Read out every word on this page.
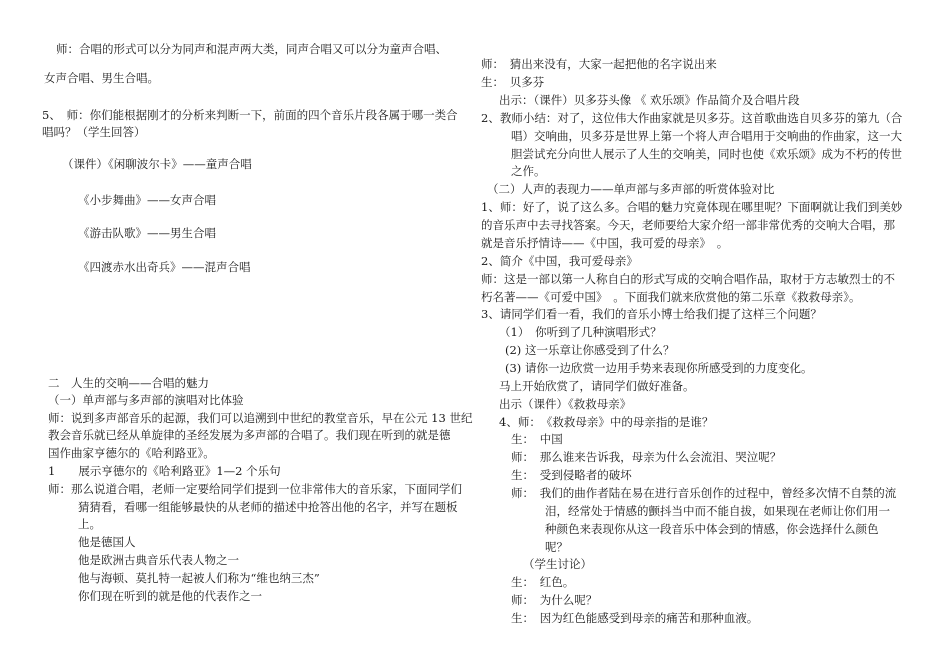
师：合唱的形式可以分为同声和混声两大类，同声合唱又可以分为童声合唱、
女声合唱、男生合唱。
5、　师：你们能根据刚才的分析来判断一下，前面的四个音乐片段各属于哪一类合
唱吗？（学生回答）
（课件）《闲聊波尔卡》——童声合唱
《小步舞曲》——女声合唱
《游击队歌》——男生合唱
《四渡赤水出奇兵》——混声合唱
二　人生的交响——合唱的魅力
（一）单声部与多声部的演唱对比体验
师：说到多声部音乐的起源，我们可以追溯到中世纪的教堂音乐，早在公元 13 世纪
教会音乐就已经从单旋律的圣经发展为多声部的合唱了。我们现在听到的就是德
国作曲家亨德尔的《哈利路亚》。
1　　展示亨德尔的《哈利路亚》1—2 个乐句
师：那么说道合唱，老师一定要给同学们提到一位非常伟大的音乐家，下面同学们
猜猜看，看哪一组能够最快的从老师的描述中抢答出他的名字，并写在题板
上。
他是德国人
他是欧洲古典音乐代表人物之一
他与海顿、莫扎特一起被人们称为“维也纳三杰”
你们现在听到的就是他的代表作之一
师：　猜出来没有，大家一起把他的名字说出来
生：　贝多芬
出示：（课件）贝多芬头像 《 欢乐颂》作品简介及合唱片段
2、教师小结：对了，这位伟大作曲家就是贝多芬。这首歌曲选自贝多芬的第九（合
唱）交响曲，贝多芬是世界上第一个将人声合唱用于交响曲的作曲家，这一大
胆尝试充分向世人展示了人生的交响美，同时也使《欢乐颂》成为不朽的传世
之作。
（二）人声的表现力——单声部与多声部的听赏体验对比
1、师：好了，说了这么多。合唱的魅力究竟体现在哪里呢？下面啊就让我们到美妙
的音乐声中去寻找答案。今天，老师要给大家介绍一部非常优秀的交响大合唱，那
就是音乐抒情诗——《中国，我可爱的母亲》　。
2、简介《中国，我可爱母亲》
师：这是一部以第一人称自白的形式写成的交响合唱作品，取材于方志敏烈士的不
朽名著——《可爱中国》　。下面我们就来欣赏他的第二乐章《救救母亲》。
3、请同学们看一看，我们的音乐小博士给我们提了这样三个问题？
（1）　你听到了几种演唱形式？
(2) 这一乐章让你感受到了什么？
(3) 请你一边欣赏一边用手势来表现你所感受到的力度变化。
马上开始欣赏了，请同学们做好准备。
出示（课件）《救救母亲》
4、师：　《救救母亲》中的母亲指的是谁？
生：　中国
师：　那么谁来告诉我，母亲为什么会流泪、哭泣呢？
生：　受到侵略者的破坏
师：　我们的曲作者陆在易在进行音乐创作的过程中，曾经多次情不自禁的流
泪，经常处于情感的颤抖当中而不能自拔，如果现在老师让你们用一
种颜色来表现你从这一段音乐中体会到的情感，你会选择什么颜色
呢？
（学生讨论）
生：　红色。
师：　为什么呢？
生：　因为红色能感受到母亲的痛苦和那种血液。
